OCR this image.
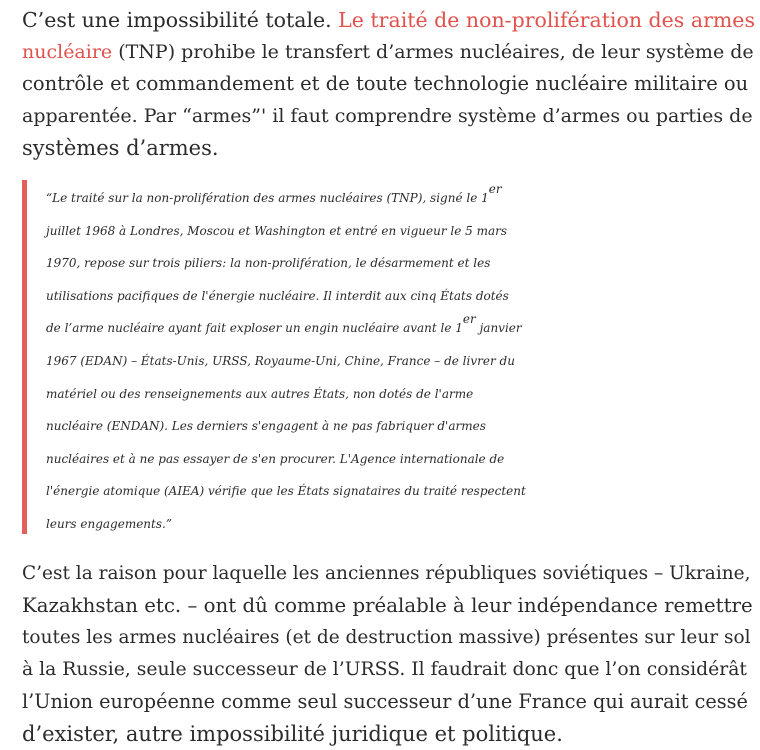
C’est une impossibilité totale. Le traité de non-prolifération des armes
nucléaire (TNP) prohibe le transfert d’armes nucléaires, de leur système de
contrôle et commandement et de toute technologie nucléaire militaire ou
apparentée. Par “armes”' il faut comprendre système d’armes ou parties de
systèmes d’armes.

“Le traité sur la non-prolifération des armes nucléaires (TNP), signé le 1er
juillet 1968 à Londres, Moscou et Washington et entré en vigueur le 5 mars
1970, repose sur trois piliers: la non-prolifération, le désarmement et les
utilisations pacifiques de l'énergie nucléaire. Il interdit aux cinq États dotés
de l’arme nucléaire ayant fait exploser un engin nucléaire avant le 1er janvier
1967 (EDAN) – États-Unis, URSS, Royaume-Uni, Chine, France – de livrer du
matériel ou des renseignements aux autres États, non dotés de l'arme
nucléaire (ENDAN). Les derniers s'engagent à ne pas fabriquer d'armes
nucléaires et à ne pas essayer de s'en procurer. L'Agence internationale de
l'énergie atomique (AIEA) vérifie que les États signataires du traité respectent
leurs engagements.”

C’est la raison pour laquelle les anciennes républiques soviétiques – Ukraine,
Kazakhstan etc. – ont dû comme préalable à leur indépendance remettre
toutes les armes nucléaires (et de destruction massive) présentes sur leur sol
à la Russie, seule successeur de l’URSS. Il faudrait donc que l’on considérât
l’Union européenne comme seul successeur d’une France qui aurait cessé
d’exister, autre impossibilité juridique et politique.
